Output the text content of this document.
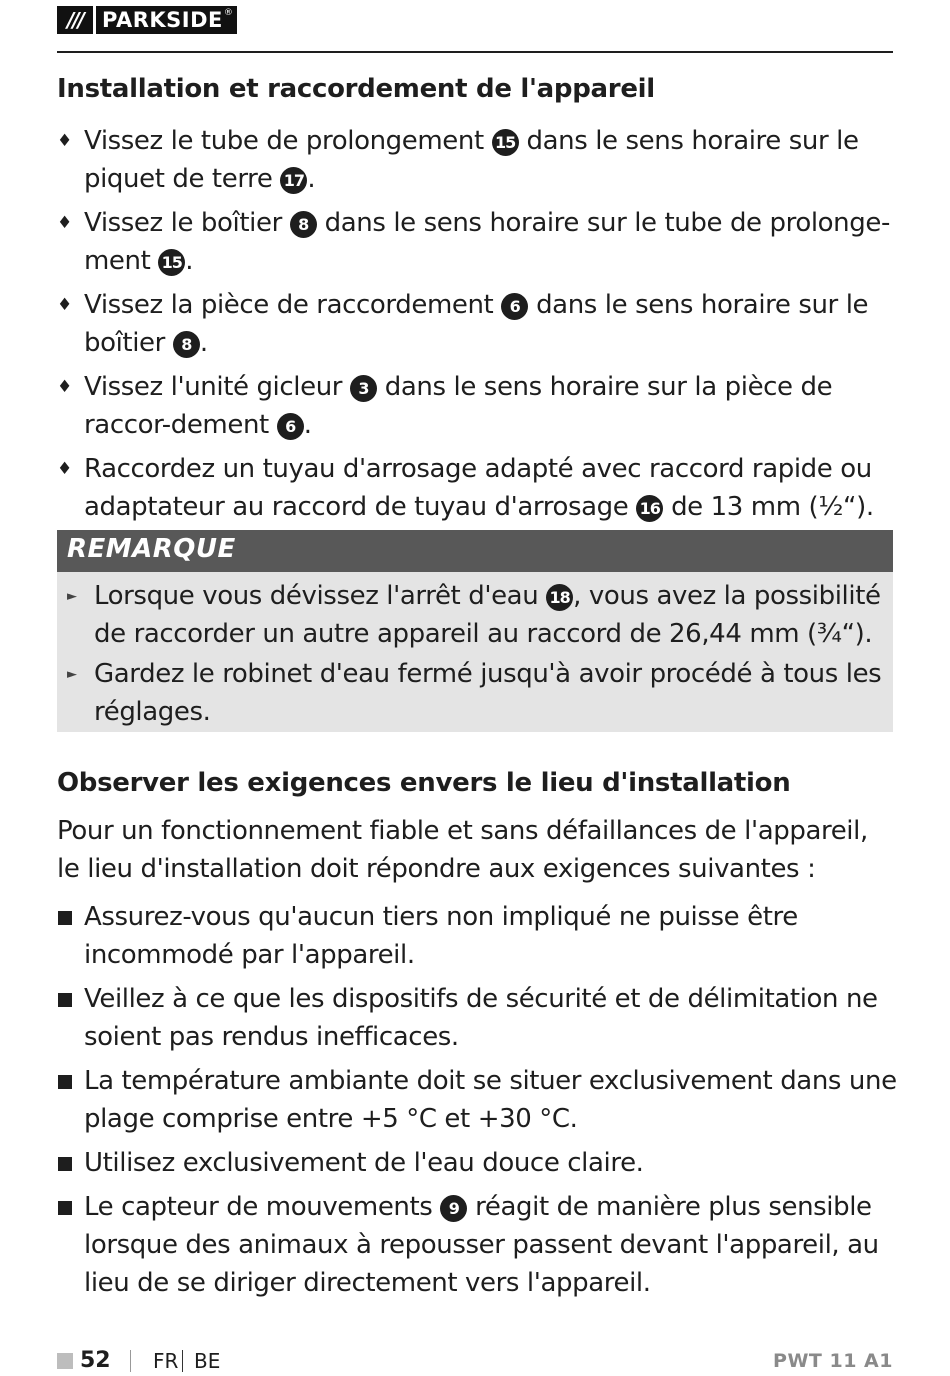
/// PARKSIDE ®
Installation et raccordement de l'appareil
♦ Vissez le tube de prolongement 15 dans le sens horaire sur le piquet de terre 17 .
♦ Vissez le boîtier 8 dans le sens horaire sur le tube de prolonge-ment 15 .
♦ Vissez la pièce de raccordement 6 dans le sens horaire sur le boîtier 8 .
♦ Vissez l'unité gicleur 3 dans le sens horaire sur la pièce de raccor-dement 6 .
♦ Raccordez un tuyau d'arrosage adapté avec raccord rapide ou adaptateur au raccord de tuyau d'arrosage 16 de 13 mm (½“).
REMARQUE
► Lorsque vous dévissez l'arrêt d'eau 18 , vous avez la possibilité de raccorder un autre appareil au raccord de 26,44 mm (¾“).
► Gardez le robinet d'eau fermé jusqu'à avoir procédé à tous les réglages.
Observer les exigences envers le lieu d'installation

Pour un fonctionnement fiable et sans défaillances de l'appareil, le lieu d'installation doit répondre aux exigences suivantes :

Assurez-vous qu'aucun tiers non impliqué ne puisse être incommodé par l'appareil.
Veillez à ce que les dispositifs de sécurité et de délimitation ne soient pas rendus inefficaces.
La température ambiante doit se situer exclusivement dans une plage comprise entre +5 °C et +30 °C.
Utilisez exclusivement de l'eau douce claire.
Le capteur de mouvements 9 réagit de manière plus sensible lorsque des animaux à repousser passent devant l'appareil, au lieu de se diriger directement vers l'appareil.
52 FR BE	PWT 11 A1
